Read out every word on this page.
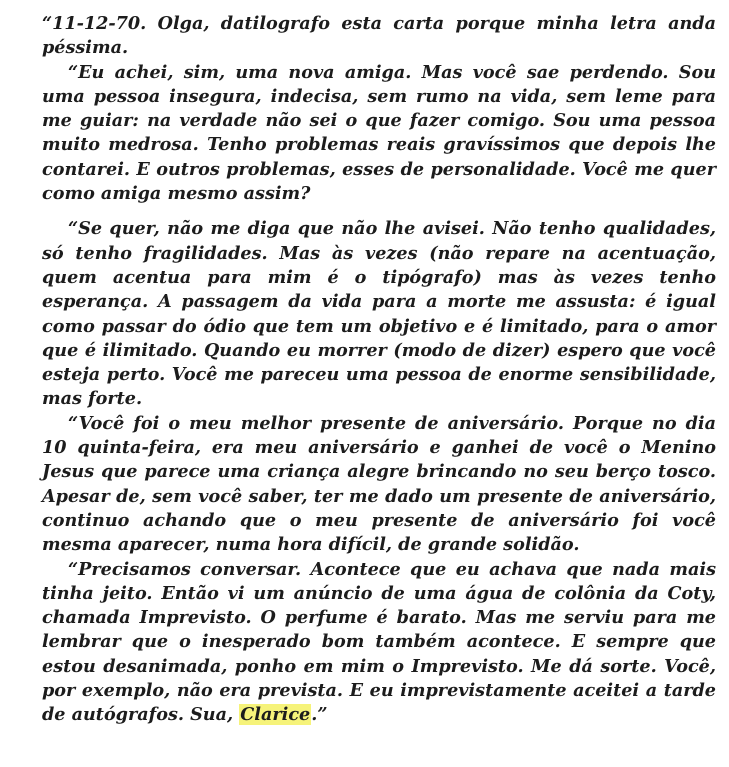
“11-12-70. Olga, datilografo esta carta porque minha letra anda péssima.

“Eu achei, sim, uma nova amiga. Mas você sae perdendo. Sou uma pessoa insegura, indecisa, sem rumo na vida, sem leme para me guiar: na verdade não sei o que fazer comigo. Sou uma pessoa muito medrosa. Tenho problemas reais gravíssimos que depois lhe contarei. E outros problemas, esses de personalidade. Você me quer como amiga mesmo assim?

“Se quer, não me diga que não lhe avisei. Não tenho qualidades, só tenho fragilidades. Mas às vezes (não repare na acentuação, quem acentua para mim é o tipógrafo) mas às vezes tenho esperança. A passagem da vida para a morte me assusta: é igual como passar do ódio que tem um objetivo e é limitado, para o amor que é ilimitado. Quando eu morrer (modo de dizer) espero que você esteja perto. Você me pareceu uma pessoa de enorme sensibilidade, mas forte.

“Você foi o meu melhor presente de aniversário. Porque no dia 10 quinta-feira, era meu aniversário e ganhei de você o Menino Jesus que parece uma criança alegre brincando no seu berço tosco. Apesar de, sem você saber, ter me dado um presente de aniversário, continuo achando que o meu presente de aniversário foi você mesma aparecer, numa hora difícil, de grande solidão.

“Precisamos conversar. Acontece que eu achava que nada mais tinha jeito. Então vi um anúncio de uma água de colônia da Coty, chamada Imprevisto. O perfume é barato. Mas me serviu para me lembrar que o inesperado bom também acontece. E sempre que estou desanimada, ponho em mim o Imprevisto. Me dá sorte. Você, por exemplo, não era prevista. E eu imprevistamente aceitei a tarde de autógrafos. Sua, Clarice.”
